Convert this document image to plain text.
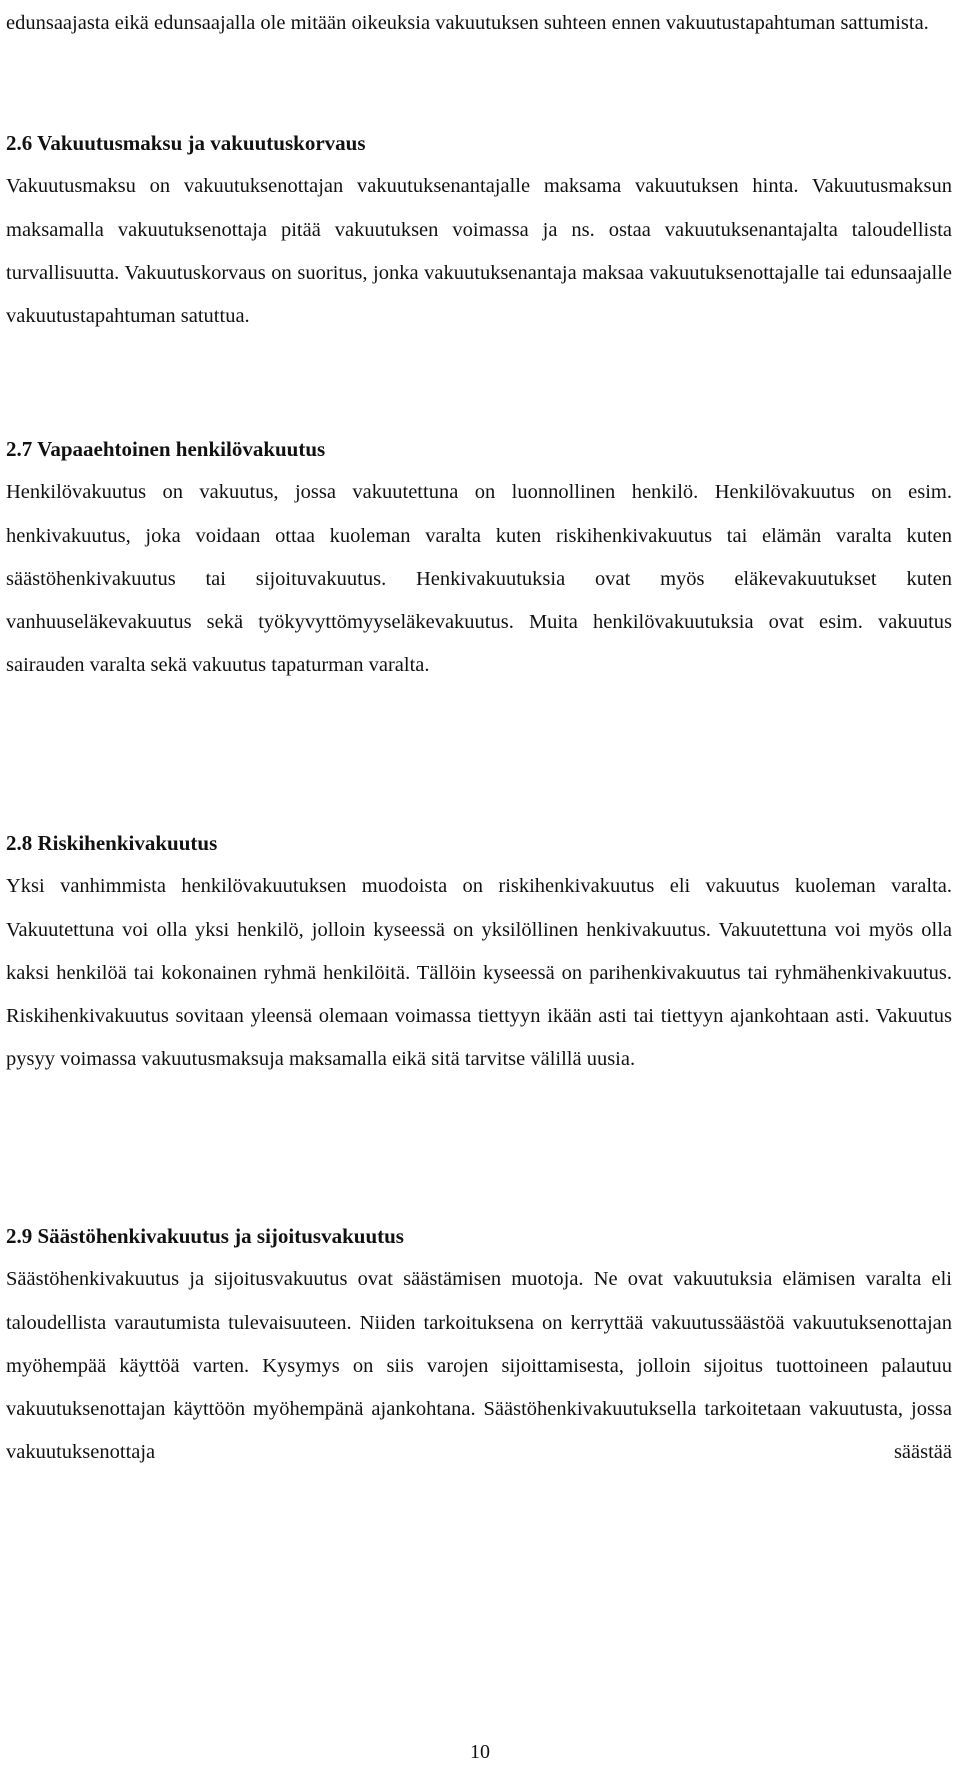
edunsaajasta eikä edunsaajalla ole mitään oikeuksia vakuutuksen suhteen ennen vakuutustapahtuman sattumista.

2.6 Vakuutusmaksu ja vakuutuskorvaus

Vakuutusmaksu on vakuutuksenottajan vakuutuksenantajalle maksama vakuutuksen hinta. Vakuutusmaksun maksamalla vakuutuksenottaja pitää vakuutuksen voimassa ja ns. ostaa vakuutuksenantajalta taloudellista turvallisuutta. Vakuutuskorvaus on suoritus, jonka vakuutuksenantaja maksaa vakuutuksenottajalle tai edunsaajalle vakuutustapahtuman satuttua.

2.7 Vapaaehtoinen henkilövakuutus

Henkilövakuutus on vakuutus, jossa vakuutettuna on luonnollinen henkilö. Henkilövakuutus on esim. henkivakuutus, joka voidaan ottaa kuoleman varalta kuten riskihenkivakuutus tai elämän varalta kuten säästöhenkivakuutus tai sijoituvakuutus. Henkivakuutuksia ovat myös eläkevakuutukset kuten vanhuuseläkevakuutus sekä työkyvyttömyyseläkevakuutus. Muita henkilövakuutuksia ovat esim. vakuutus sairauden varalta sekä vakuutus tapaturman varalta.

2.8 Riskihenkivakuutus

Yksi vanhimmista henkilövakuutuksen muodoista on riskihenkivakuutus eli vakuutus kuoleman varalta. Vakuutettuna voi olla yksi henkilö, jolloin kyseessä on yksilöllinen henkivakuutus. Vakuutettuna voi myös olla kaksi henkilöä tai kokonainen ryhmä henkilöitä. Tällöin kyseessä on parihenkivakuutus tai ryhmähenkivakuutus. Riskihenkivakuutus sovitaan yleensä olemaan voimassa tiettyyn ikään asti tai tiettyyn ajankohtaan asti. Vakuutus pysyy voimassa vakuutusmaksuja maksamalla eikä sitä tarvitse välillä uusia.

2.9 Säästöhenkivakuutus ja sijoitusvakuutus

Säästöhenkivakuutus ja sijoitusvakuutus ovat säästämisen muotoja. Ne ovat vakuutuksia elämisen varalta eli taloudellista varautumista tulevaisuuteen. Niiden tarkoituksena on kerryttää vakuutussäästöä vakuutuksenottajan myöhempää käyttöä varten. Kysymys on siis varojen sijoittamisesta, jolloin sijoitus tuottoineen palautuu vakuutuksenottajan käyttöön myöhempänä ajankohtana. Säästöhenkivakuutuksella tarkoitetaan vakuutusta, jossa vakuutuksenottaja säästää

10
